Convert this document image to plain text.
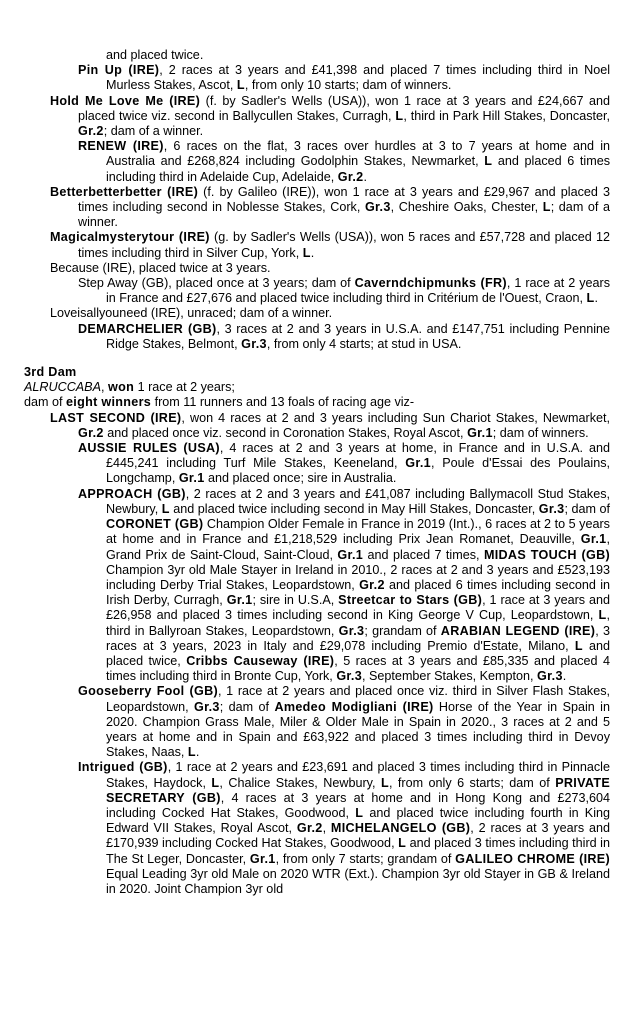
and placed twice.
Pin Up (IRE), 2 races at 3 years and £41,398 and placed 7 times including third in Noel Murless Stakes, Ascot, L, from only 10 starts; dam of winners.
Hold Me Love Me (IRE) (f. by Sadler's Wells (USA)), won 1 race at 3 years and £24,667 and placed twice viz. second in Ballycullen Stakes, Curragh, L, third in Park Hill Stakes, Doncaster, Gr.2; dam of a winner.
RENEW (IRE), 6 races on the flat, 3 races over hurdles at 3 to 7 years at home and in Australia and £268,824 including Godolphin Stakes, Newmarket, L and placed 6 times including third in Adelaide Cup, Adelaide, Gr.2.
Betterbetterbetter (IRE) (f. by Galileo (IRE)), won 1 race at 3 years and £29,967 and placed 3 times including second in Noblesse Stakes, Cork, Gr.3, Cheshire Oaks, Chester, L; dam of a winner.
Magicalmysterytour (IRE) (g. by Sadler's Wells (USA)), won 5 races and £57,728 and placed 12 times including third in Silver Cup, York, L.
Because (IRE), placed twice at 3 years.
Step Away (GB), placed once at 3 years; dam of Caverndchipmunks (FR), 1 race at 2 years in France and £27,676 and placed twice including third in Critérium de l'Ouest, Craon, L.
Loveisallyouneed (IRE), unraced; dam of a winner.
DEMARCHELIER (GB), 3 races at 2 and 3 years in U.S.A. and £147,751 including Pennine Ridge Stakes, Belmont, Gr.3, from only 4 starts; at stud in USA.
3rd Dam
ALRUCCABA, won 1 race at 2 years;
dam of eight winners from 11 runners and 13 foals of racing age viz-
LAST SECOND (IRE), won 4 races at 2 and 3 years including Sun Chariot Stakes, Newmarket, Gr.2 and placed once viz. second in Coronation Stakes, Royal Ascot, Gr.1; dam of winners.
AUSSIE RULES (USA), 4 races at 2 and 3 years at home, in France and in U.S.A. and £445,241 including Turf Mile Stakes, Keeneland, Gr.1, Poule d'Essai des Poulains, Longchamp, Gr.1 and placed once; sire in Australia.
APPROACH (GB), 2 races at 2 and 3 years and £41,087 including Ballymacoll Stud Stakes, Newbury, L and placed twice including second in May Hill Stakes, Doncaster, Gr.3; dam of CORONET (GB) Champion Older Female in France in 2019 (Int.)., 6 races at 2 to 5 years at home and in France and £1,218,529 including Prix Jean Romanet, Deauville, Gr.1, Grand Prix de Saint-Cloud, Saint-Cloud, Gr.1 and placed 7 times, MIDAS TOUCH (GB) Champion 3yr old Male Stayer in Ireland in 2010., 2 races at 2 and 3 years and £523,193 including Derby Trial Stakes, Leopardstown, Gr.2 and placed 6 times including second in Irish Derby, Curragh, Gr.1; sire in U.S.A, Streetcar to Stars (GB), 1 race at 3 years and £26,958 and placed 3 times including second in King George V Cup, Leopardstown, L, third in Ballyroan Stakes, Leopardstown, Gr.3; grandam of ARABIAN LEGEND (IRE), 3 races at 3 years, 2023 in Italy and £29,078 including Premio d'Estate, Milano, L and placed twice, Cribbs Causeway (IRE), 5 races at 3 years and £85,335 and placed 4 times including third in Bronte Cup, York, Gr.3, September Stakes, Kempton, Gr.3.
Gooseberry Fool (GB), 1 race at 2 years and placed once viz. third in Silver Flash Stakes, Leopardstown, Gr.3; dam of Amedeo Modigliani (IRE) Horse of the Year in Spain in 2020. Champion Grass Male, Miler & Older Male in Spain in 2020., 3 races at 2 and 5 years at home and in Spain and £63,922 and placed 3 times including third in Devoy Stakes, Naas, L.
Intrigued (GB), 1 race at 2 years and £23,691 and placed 3 times including third in Pinnacle Stakes, Haydock, L, Chalice Stakes, Newbury, L, from only 6 starts; dam of PRIVATE SECRETARY (GB), 4 races at 3 years at home and in Hong Kong and £273,604 including Cocked Hat Stakes, Goodwood, L and placed twice including fourth in King Edward VII Stakes, Royal Ascot, Gr.2, MICHELANGELO (GB), 2 races at 3 years and £170,939 including Cocked Hat Stakes, Goodwood, L and placed 3 times including third in The St Leger, Doncaster, Gr.1, from only 7 starts; grandam of GALILEO CHROME (IRE) Equal Leading 3yr old Male on 2020 WTR (Ext.). Champion 3yr old Stayer in GB & Ireland in 2020. Joint Champion 3yr old
